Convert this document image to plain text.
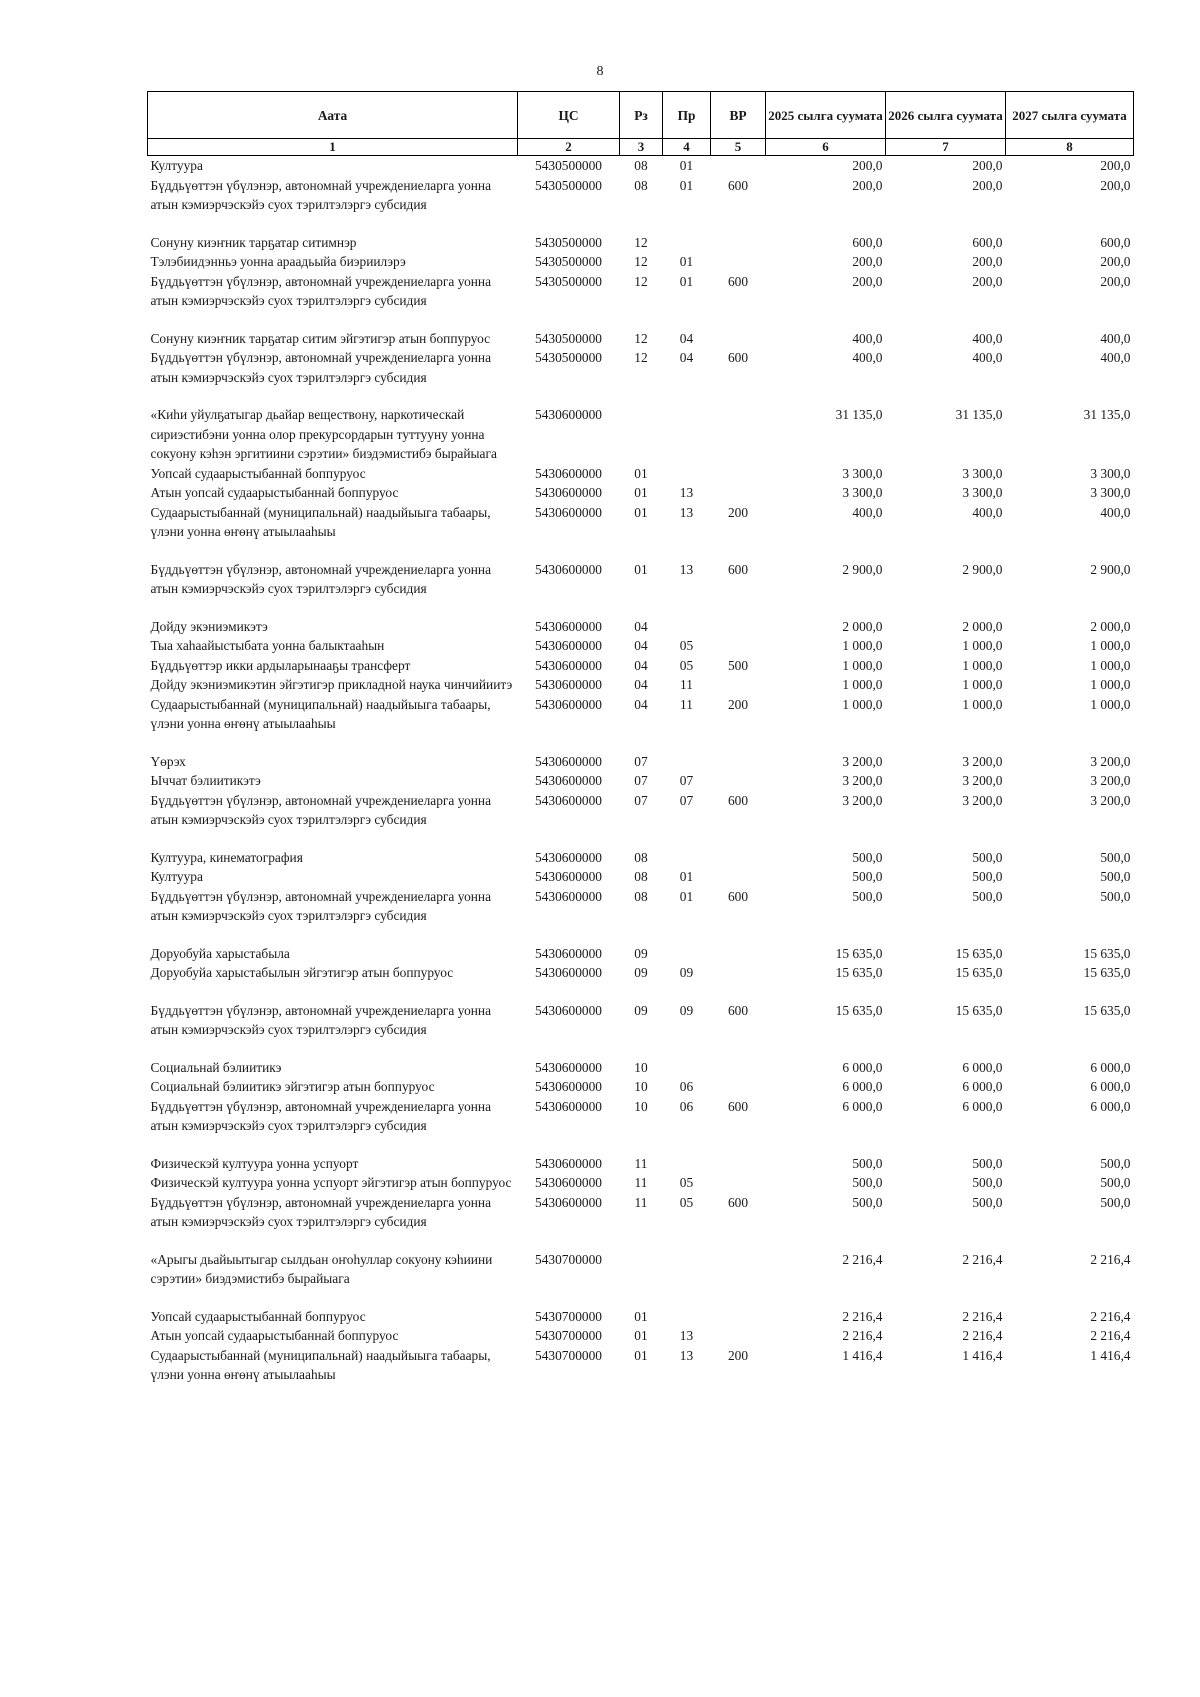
8
Аата	ЦС	Рз	Пр	ВР	2025 сылга суумата	2026 сылга суумата	2027 сылга суумата
1	2	3	4	5	6	7	8
Култуура	5430500000	08	01		200,0	200,0	200,0
Бүддьүөттэн үбүлэнэр, автономнай учреждениеларга уонна атын кэмиэрчэскэйэ суох тэрилтэлэргэ субсидия	5430500000	08	01	600	200,0	200,0	200,0

Сонуну киэҥник тарҕатар ситимнэр	5430500000	12			600,0	600,0	600,0
Тэлэбиидэнньэ уонна араадьыйа биэриилэрэ	5430500000	12	01		200,0	200,0	200,0
Бүддьүөттэн үбүлэнэр, автономнай учреждениеларга уонна атын кэмиэрчэскэйэ суох тэрилтэлэргэ субсидия	5430500000	12	01	600	200,0	200,0	200,0

Сонуну киэҥник тарҕатар ситим эйгэтигэр атын боппуруос	5430500000	12	04		400,0	400,0	400,0
Бүддьүөттэн үбүлэнэр, автономнай учреждениеларга уонна атын кэмиэрчэскэйэ суох тэрилтэлэргэ субсидия	5430500000	12	04	600	400,0	400,0	400,0

«Киһи уйулҕатыгар дьайар веществону, наркотическай сириэстибэни уонна олор прекурсордарын туттууну уонна сокуону кэһэн эргитиини сэрэтии» биэдэмистибэ бырайыага	5430600000				31 135,0	31 135,0	31 135,0
Уопсай судаарыстыбаннай боппуруос	5430600000	01			3 300,0	3 300,0	3 300,0
Атын уопсай судаарыстыбаннай боппуруос	5430600000	01	13		3 300,0	3 300,0	3 300,0
Судаарыстыбаннай (муниципальнай) наадыйыыга табаары, үлэни уонна өҥөнү атыылааһыы	5430600000	01	13	200	400,0	400,0	400,0

Бүддьүөттэн үбүлэнэр, автономнай учреждениеларга уонна атын кэмиэрчэскэйэ суох тэрилтэлэргэ субсидия	5430600000	01	13	600	2 900,0	2 900,0	2 900,0

Дойду экэниэмикэтэ	5430600000	04			2 000,0	2 000,0	2 000,0
Тыа хаһаайыстыбата уонна балыктааһын	5430600000	04	05		1 000,0	1 000,0	1 000,0
Бүддьүөттэр икки ардыларынааҕы трансферт	5430600000	04	05	500	1 000,0	1 000,0	1 000,0
Дойду экэниэмикэтин эйгэтигэр прикладной наука чинчийиитэ	5430600000	04	11		1 000,0	1 000,0	1 000,0
Судаарыстыбаннай (муниципальнай) наадыйыыга табаары, үлэни уонна өҥөнү атыылааһыы	5430600000	04	11	200	1 000,0	1 000,0	1 000,0

Үөрэх	5430600000	07			3 200,0	3 200,0	3 200,0
Ыччат бэлиитикэтэ	5430600000	07	07		3 200,0	3 200,0	3 200,0
Бүддьүөттэн үбүлэнэр, автономнай учреждениеларга уонна атын кэмиэрчэскэйэ суох тэрилтэлэргэ субсидия	5430600000	07	07	600	3 200,0	3 200,0	3 200,0

Култуура, кинематография	5430600000	08			500,0	500,0	500,0
Култуура	5430600000	08	01		500,0	500,0	500,0
Бүддьүөттэн үбүлэнэр, автономнай учреждениеларга уонна атын кэмиэрчэскэйэ суох тэрилтэлэргэ субсидия	5430600000	08	01	600	500,0	500,0	500,0

Доруобуйа харыстабыла	5430600000	09			15 635,0	15 635,0	15 635,0
Доруобуйа харыстабылын эйгэтигэр атын боппуруос	5430600000	09	09		15 635,0	15 635,0	15 635,0

Бүддьүөттэн үбүлэнэр, автономнай учреждениеларга уонна атын кэмиэрчэскэйэ суох тэрилтэлэргэ субсидия	5430600000	09	09	600	15 635,0	15 635,0	15 635,0

Социальнай бэлиитикэ	5430600000	10			6 000,0	6 000,0	6 000,0
Социальнай бэлиитикэ эйгэтигэр атын боппуруос	5430600000	10	06		6 000,0	6 000,0	6 000,0
Бүддьүөттэн үбүлэнэр, автономнай учреждениеларга уонна атын кэмиэрчэскэйэ суох тэрилтэлэргэ субсидия	5430600000	10	06	600	6 000,0	6 000,0	6 000,0

Физическэй култуура уонна успуорт	5430600000	11			500,0	500,0	500,0
Физическэй култуура уонна успуорт эйгэтигэр атын боппуруос	5430600000	11	05		500,0	500,0	500,0
Бүддьүөттэн үбүлэнэр, автономнай учреждениеларга уонна атын кэмиэрчэскэйэ суох тэрилтэлэргэ субсидия	5430600000	11	05	600	500,0	500,0	500,0

«Арыгы дьайыытыгар сылдьан оҥоһуллар сокуону кэһиини сэрэтии» биэдэмистибэ бырайыага	5430700000				2 216,4	2 216,4	2 216,4

Уопсай судаарыстыбаннай боппуруос	5430700000	01			2 216,4	2 216,4	2 216,4
Атын уопсай судаарыстыбаннай боппуруос	5430700000	01	13		2 216,4	2 216,4	2 216,4
Судаарыстыбаннай (муниципальнай) наадыйыыга табаары, үлэни уонна өҥөнү атыылааһыы	5430700000	01	13	200	1 416,4	1 416,4	1 416,4
